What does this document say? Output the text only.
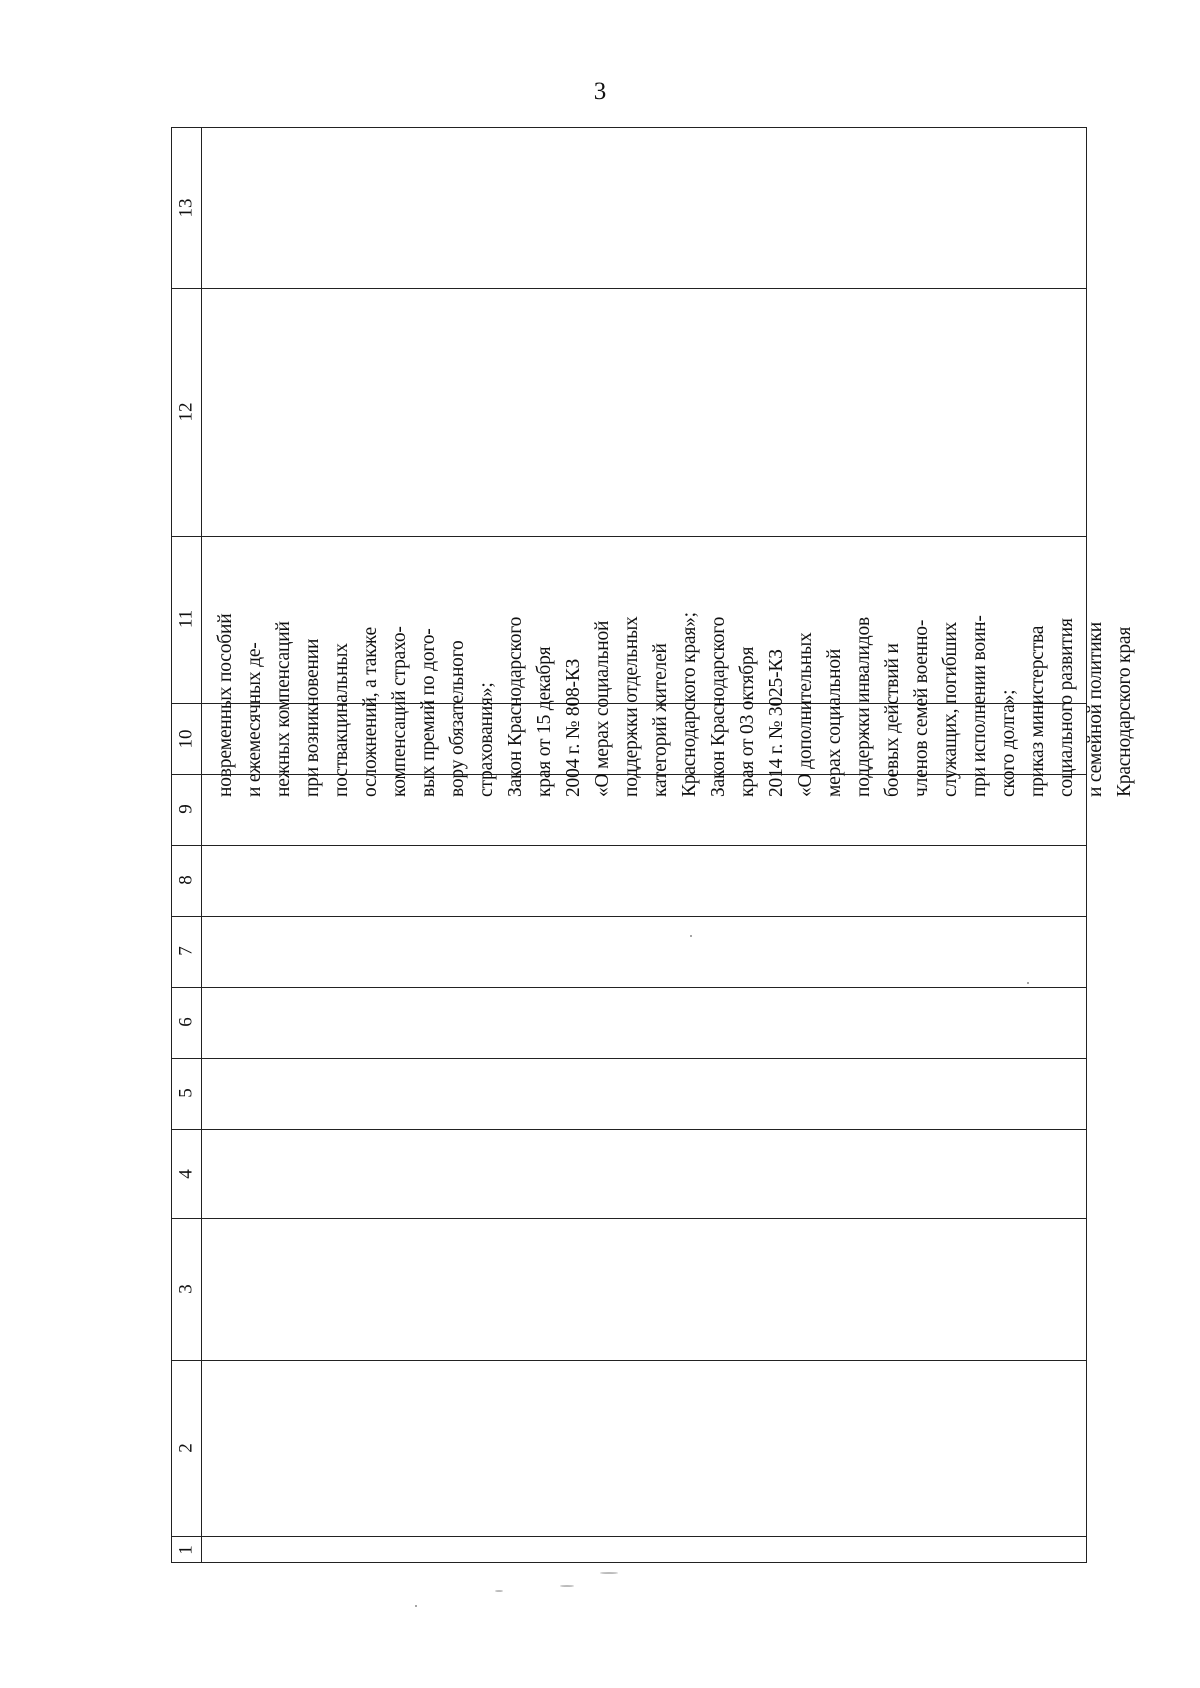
3
1
2
3
4
5
6
7
8
9
10
11
12
13
новременных пособий и ежемесячных де- нежных компенсаций при возникновении поствакцинальных осложнений, а также компенсаций страхо- вых премий по дого- вору обязательного страхования»; Закон Краснодарского края от 15 декабря 2004 г. № 808-КЗ «О мерах социальной поддержки отдельных категорий жителей Краснодарского края»; Закон Краснодарского края от 03 октября 2014 г. № 3025-КЗ «О дополнительных мерах социальной поддержки инвалидов боевых действий и членов семей военно- служащих, погибших при исполнении воин- ского долга»; приказ министерства социального развития и семейной политики Краснодарского края
